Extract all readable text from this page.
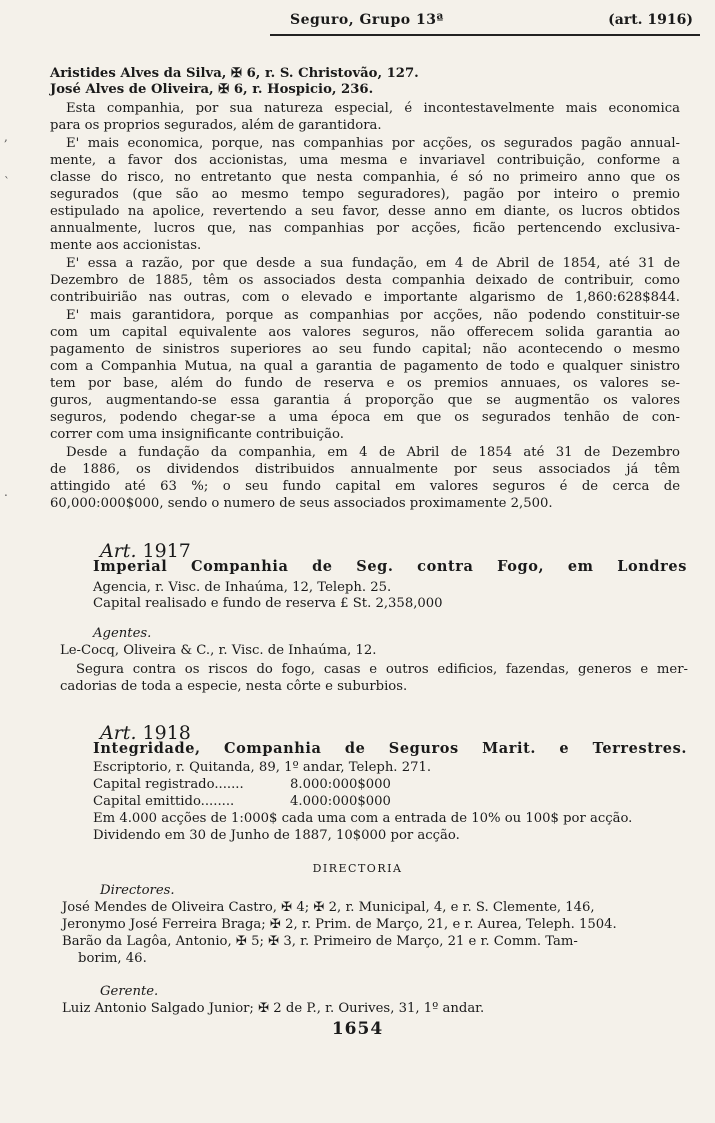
Seguro, Grupo 13ª	(art. 1916)
,
`
.
Aristides Alves da Silva, ✠ 6, r. S. Christovão, 127.
José Alves de Oliveira, ✠ 6, r. Hospicio, 236.
Esta companhia, por sua natureza especial, é incontestavelmente mais economica
para os proprios segurados, além de garantidora.
E' mais economica, porque, nas companhias por acções, os segurados pagão annual-
mente, a favor dos accionistas, uma mesma e invariavel contribuição, conforme a
classe do risco, no entretanto que nesta companhia, é só no primeiro anno que os
segurados (que são ao mesmo tempo seguradores), pagão por inteiro o premio
estipulado na apolice, revertendo a seu favor, desse anno em diante, os lucros obtidos
annualmente, lucros que, nas companhias por acções, ficão pertencendo exclusiva-
mente aos accionistas.
E' essa a razão, por que desde a sua fundação, em 4 de Abril de 1854, até 31 de
Dezembro de 1885, têm os associados desta companhia deixado de contribuir, como
contribuirião nas outras, com o elevado e importante algarismo de 1,860:628$844.
E' mais garantidora, porque as companhias por acções, não podendo constituir-se
com um capital equivalente aos valores seguros, não offerecem solida garantia ao
pagamento de sinistros superiores ao seu fundo capital; não acontecendo o mesmo
com a Companhia Mutua, na qual a garantia de pagamento de todo e qualquer sinistro
tem por base, além do fundo de reserva e os premios annuaes, os valores se-
guros, augmentando-se essa garantia á proporção que se augmentão os valores
seguros, podendo chegar-se a uma época em que os segurados tenhão de con-
correr com uma insignificante contribuição.
Desde a fundação da companhia, em 4 de Abril de 1854 até 31 de Dezembro
de 1886, os dividendos distribuidos annualmente por seus associados já têm
attingido até 63 %; o seu fundo capital em valores seguros é de cerca de
60,000:000$000, sendo o numero de seus associados proximamente 2,500.
Art. 1917
Imperial Companhia de Seg. contra Fogo, em Londres
Agencia, r. Visc. de Inhaúma, 12, Teleph. 25.
Capital realisado e fundo de reserva £ St. 2,358,000
Agentes.
Le-Cocq, Oliveira & C., r. Visc. de Inhaúma, 12.
Segura contra os riscos do fogo, casas e outros edificios, fazendas, generos e mer-
cadorias de toda a especie, nesta côrte e suburbios.
Art. 1918
Integridade, Companhia de Seguros Marit. e Terrestres.
Escriptorio, r. Quitanda, 89, 1º andar, Teleph. 271.
Capital registrado.......	8.000:000$000
Capital emittido........	4.000:000$000
Em 4.000 acções de 1:000$ cada uma com a entrada de 10% ou 100$ por acção.
Dividendo em 30 de Junho de 1887, 10$000 por acção.
DIRECTORIA
Directores.
José Mendes de Oliveira Castro, ✠ 4; ✠ 2, r. Municipal, 4, e r. S. Clemente, 146,
Jeronymo José Ferreira Braga; ✠ 2, r. Prim. de Março, 21, e r. Aurea, Teleph. 1504.
Barão da Lagôa, Antonio, ✠ 5; ✠ 3, r. Primeiro de Março, 21 e r. Comm. Tam-
borim, 46.
Gerente.
Luiz Antonio Salgado Junior; ✠ 2 de P., r. Ourives, 31, 1º andar.
1654
